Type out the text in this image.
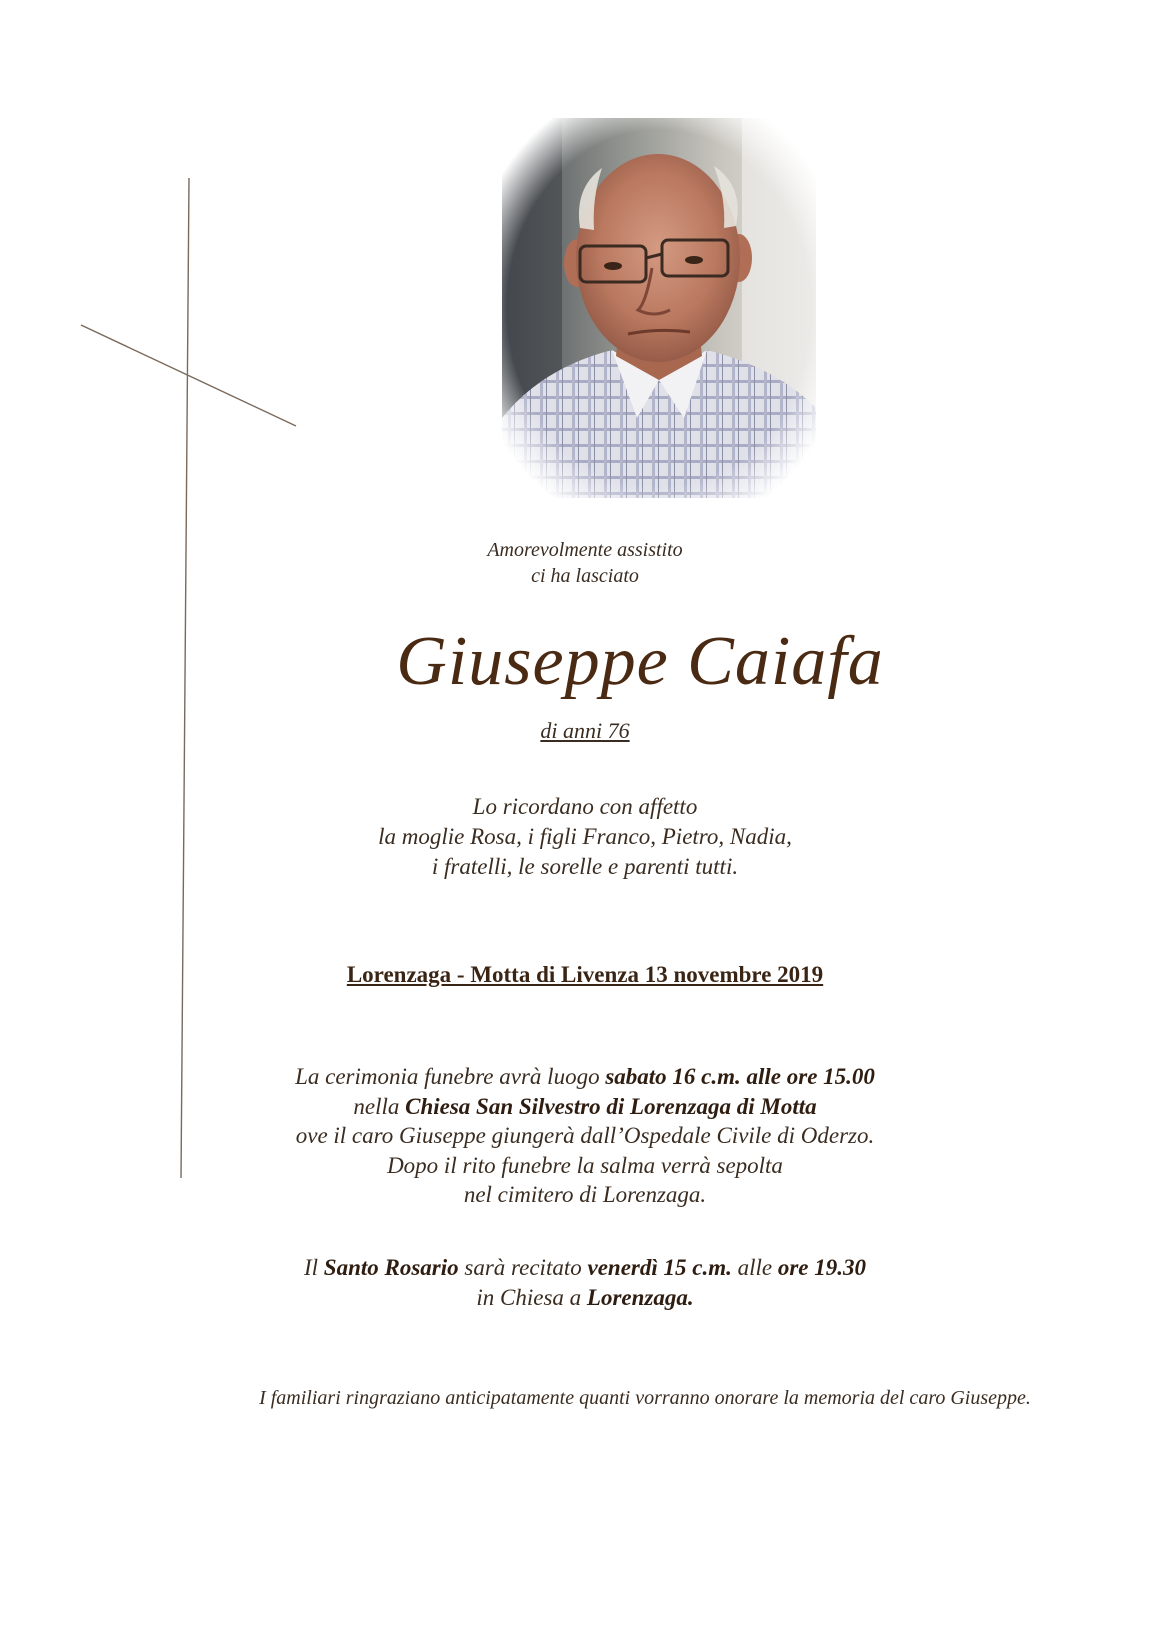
Amorevolmente assistito
ci ha lasciato
Giuseppe Caiafa
di anni 76
Lo ricordano con affetto
la moglie Rosa, i figli Franco, Pietro, Nadia,
i fratelli, le sorelle e parenti tutti.
Lorenzaga - Motta di Livenza 13 novembre 2019
La cerimonia funebre avrà luogo sabato 16 c.m. alle ore 15.00
nella Chiesa San Silvestro di Lorenzaga di Motta
ove il caro Giuseppe giungerà dall’Ospedale Civile di Oderzo.
Dopo il rito funebre la salma verrà sepolta
nel cimitero di Lorenzaga.
Il Santo Rosario sarà recitato venerdì 15 c.m. alle ore 19.30
in Chiesa a Lorenzaga.
I familiari ringraziano anticipatamente quanti vorranno onorare la memoria del caro Giuseppe.
